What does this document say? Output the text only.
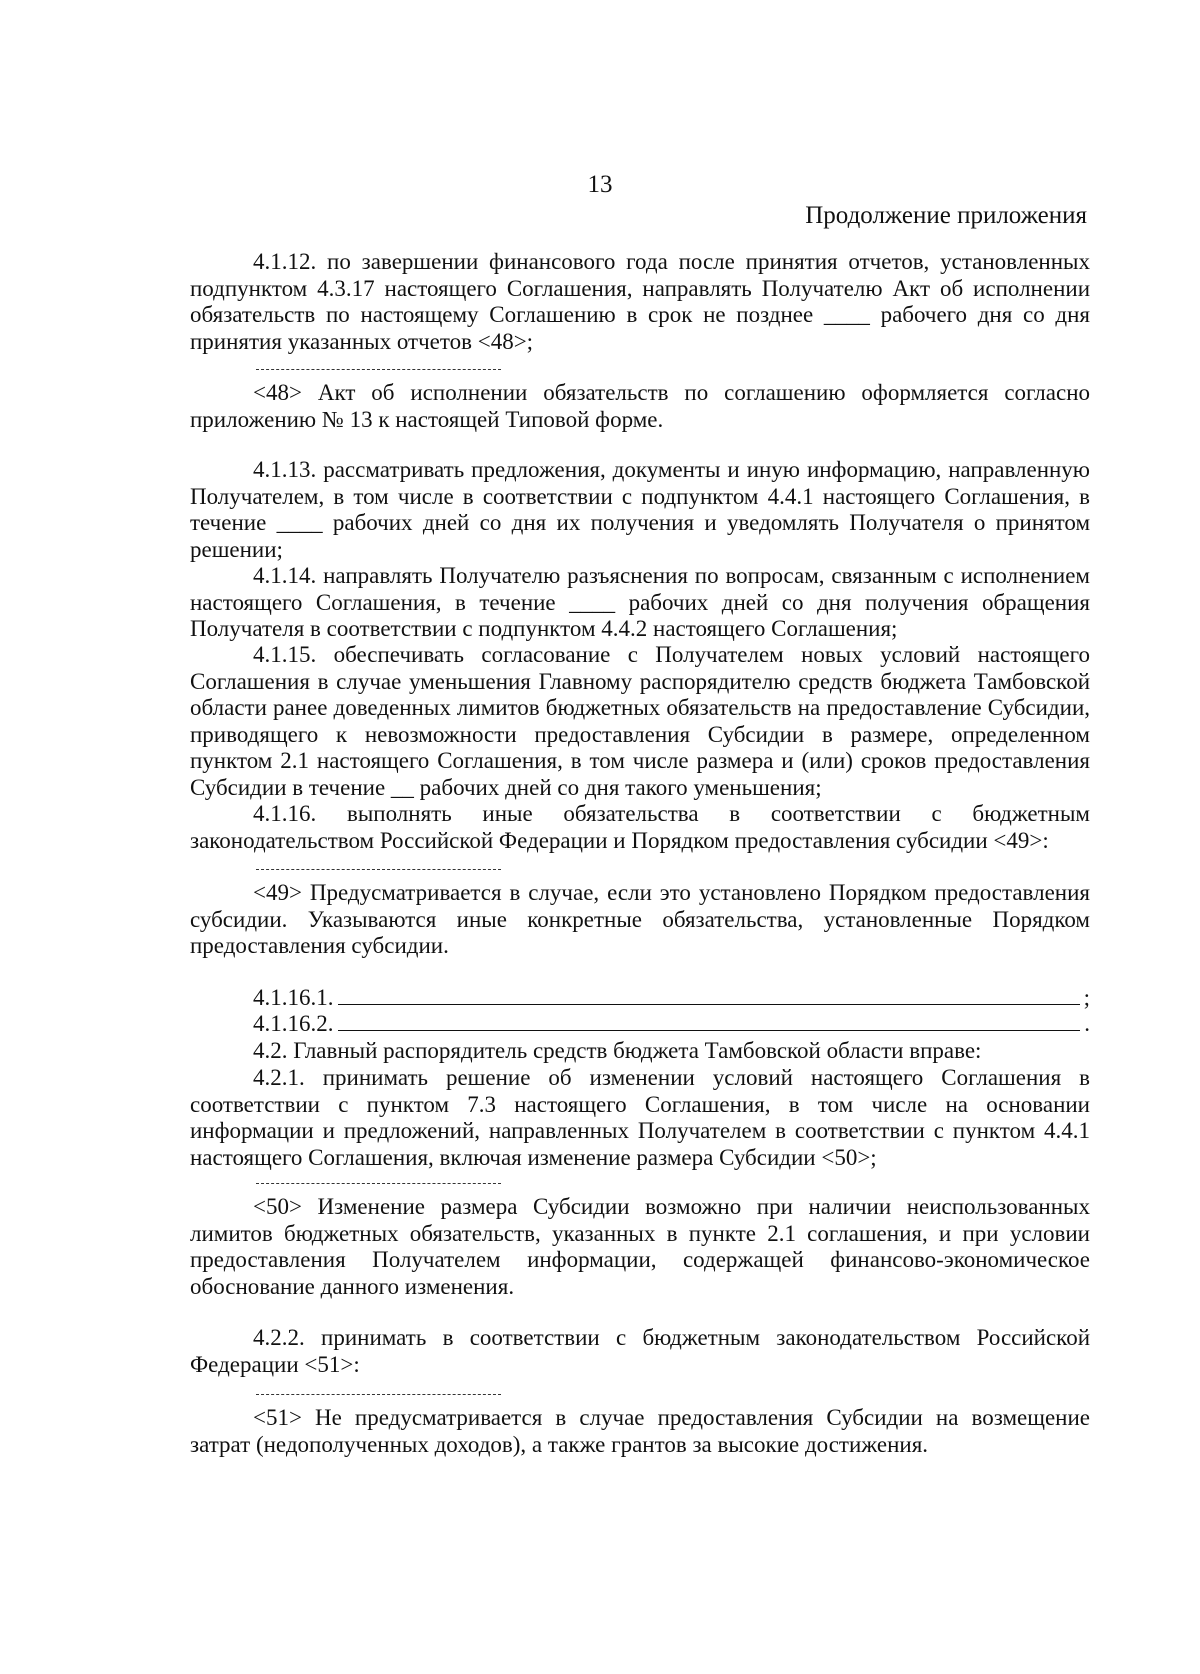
13
Продолжение приложения
4.1.12. по завершении финансового года после принятия отчетов, установленных подпунктом 4.3.17 настоящего Соглашения, направлять Получателю Акт об исполнении обязательств по настоящему Соглашению в срок не позднее ____ рабочего дня со дня принятия указанных отчетов <48>;
<48> Акт об исполнении обязательств по соглашению оформляется согласно приложению № 13 к настоящей Типовой форме.
4.1.13. рассматривать предложения, документы и иную информацию, направленную Получателем, в том числе в соответствии с подпунктом 4.4.1 настоящего Соглашения, в течение ____ рабочих дней со дня их получения и уведомлять Получателя о принятом решении;
4.1.14. направлять Получателю разъяснения по вопросам, связанным с исполнением настоящего Соглашения, в течение ____ рабочих дней со дня получения обращения Получателя в соответствии с подпунктом 4.4.2 настоящего Соглашения;
4.1.15. обеспечивать согласование с Получателем новых условий настоящего Соглашения в случае уменьшения Главному распорядителю средств бюджета Тамбовской области ранее доведенных лимитов бюджетных обязательств на предоставление Субсидии, приводящего к невозможности предоставления Субсидии в размере, определенном пунктом 2.1 настоящего Соглашения, в том числе размера и (или) сроков предоставления Субсидии в течение __ рабочих дней со дня такого уменьшения;
4.1.16. выполнять иные обязательства в соответствии с бюджетным законодательством Российской Федерации и Порядком предоставления субсидии <49>:
<49> Предусматривается в случае, если это установлено Порядком предоставления субсидии. Указываются иные конкретные обязательства, установленные Порядком предоставления субсидии.
4.1.16.1.	;
4.1.16.2.	.
4.2. Главный распорядитель средств бюджета Тамбовской области вправе:
4.2.1. принимать решение об изменении условий настоящего Соглашения в соответствии с пунктом 7.3 настоящего Соглашения, в том числе на основании информации и предложений, направленных Получателем в соответствии с пунктом 4.4.1 настоящего Соглашения, включая изменение размера Субсидии <50>;
<50> Изменение размера Субсидии возможно при наличии неиспользованных лимитов бюджетных обязательств, указанных в пункте 2.1 соглашения, и при условии предоставления Получателем информации, содержащей финансово-экономическое обоснование данного изменения.
4.2.2. принимать в соответствии с бюджетным законодательством Российской Федерации <51>:
<51> Не предусматривается в случае предоставления Субсидии на возмещение затрат (недополученных доходов), а также грантов за высокие достижения.
